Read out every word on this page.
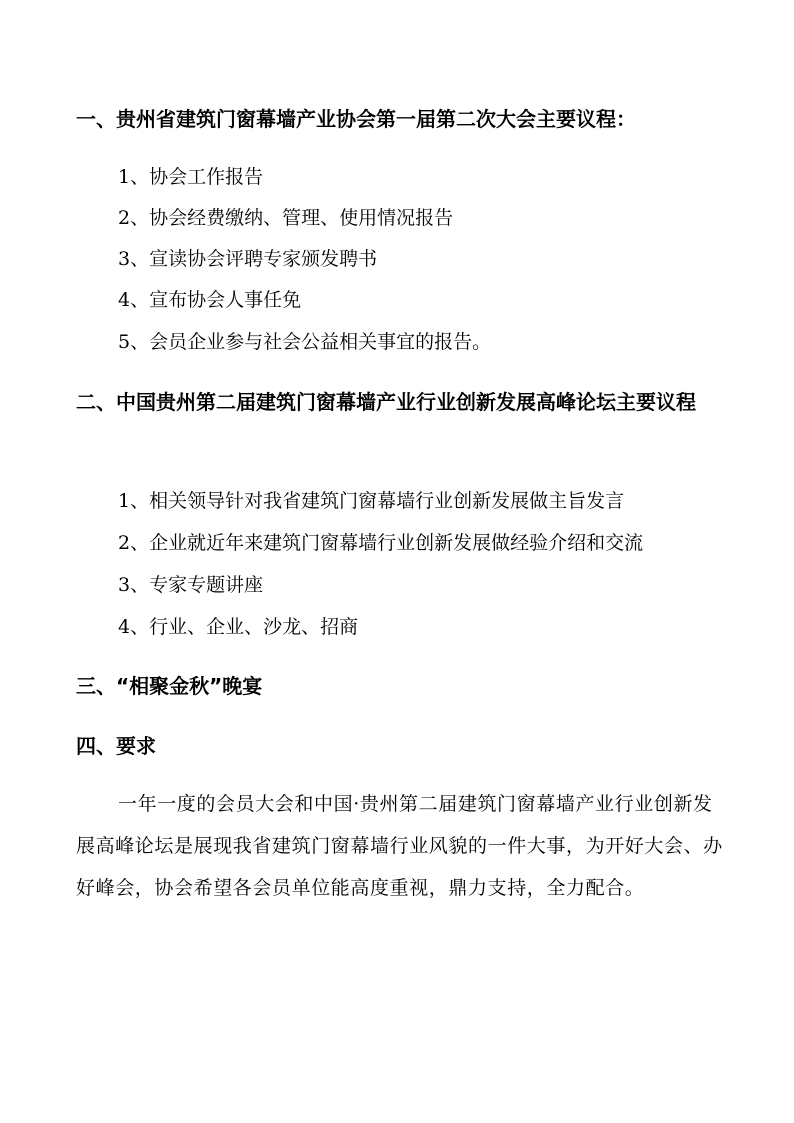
一、贵州省建筑门窗幕墙产业协会第一届第二次大会主要议程：
1、协会工作报告
2、协会经费缴纳、管理、使用情况报告
3、宣读协会评聘专家颁发聘书
4、宣布协会人事任免
5、会员企业参与社会公益相关事宜的报告。
二、中国贵州第二届建筑门窗幕墙产业行业创新发展高峰论坛主要议程
1、相关领导针对我省建筑门窗幕墙行业创新发展做主旨发言
2、企业就近年来建筑门窗幕墙行业创新发展做经验介绍和交流
3、专家专题讲座
4、行业、企业、沙龙、招商
三、“相聚金秋”晚宴
四、要求
一年一度的会员大会和中国·贵州第二届建筑门窗幕墙产业行业创新发展高峰论坛是展现我省建筑门窗幕墙行业风貌的一件大事，为开好大会、办好峰会，协会希望各会员单位能高度重视，鼎力支持，全力配合。
